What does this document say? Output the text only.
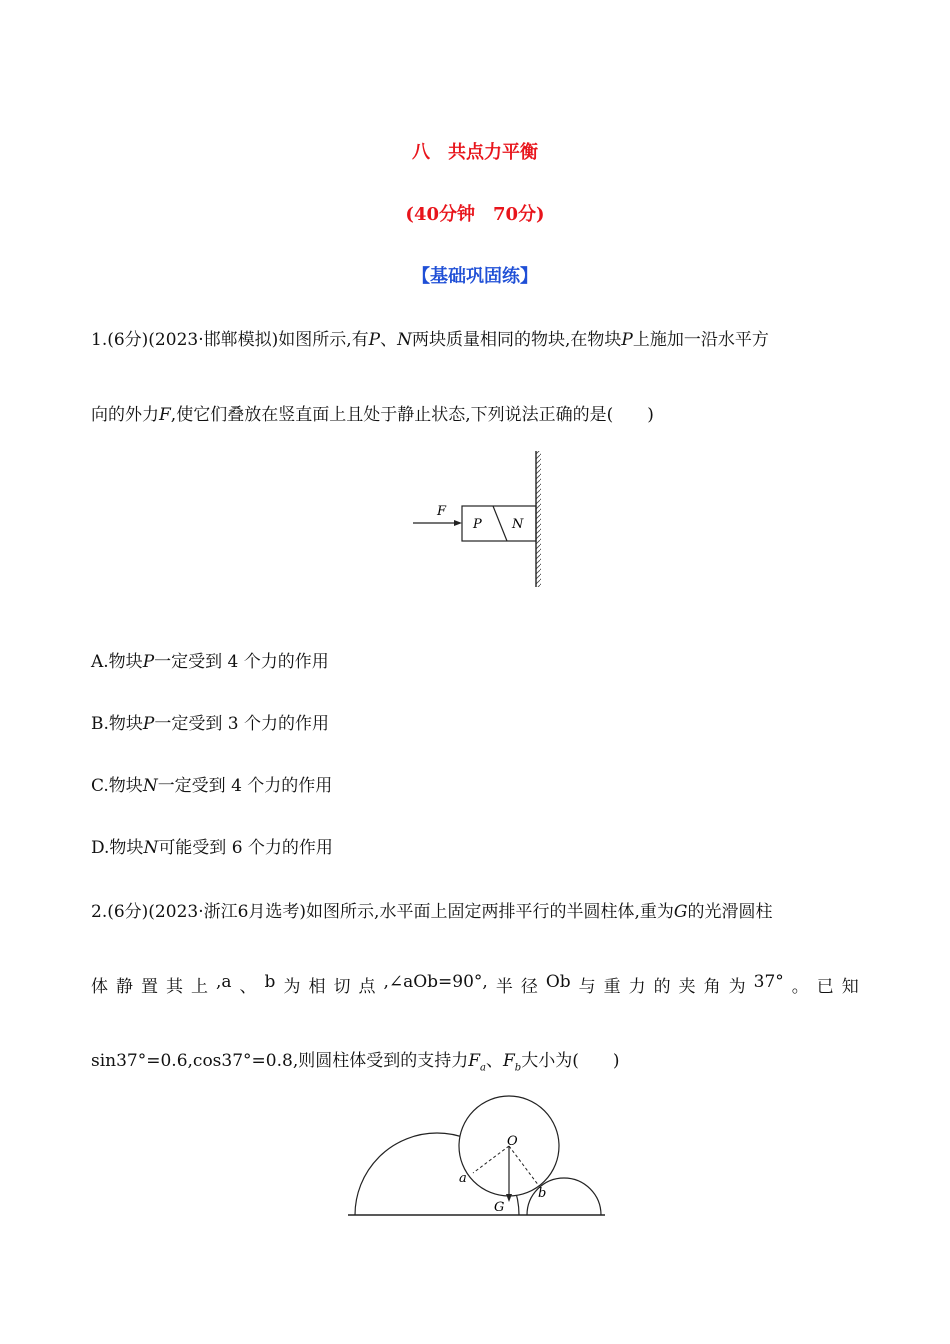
八　共点力平衡
(40分钟　70分)
【基础巩固练】
1.(6分)(2023·邯郸模拟)如图所示,有P、N两块质量相同的物块,在物块P上施加一沿水平方
向的外力F,使它们叠放在竖直面上且处于静止状态,下列说法正确的是(　　)
F
P N
A.物块P一定受到 4 个力的作用
B.物块P一定受到 3 个力的作用
C.物块N一定受到 4 个力的作用
D.物块N可能受到 6 个力的作用
2.(6分)(2023·浙江6月选考)如图所示,水平面上固定两排平行的半圆柱体,重为G的光滑圆柱
体 静 置 其 上 ,a 、 b 为 相 切 点 ,∠aOb=90°, 半 径 Ob 与 重 力 的 夹 角 为 37° 。 已 知
sin37°=0.6,cos37°=0.8,则圆柱体受到的支持力$F_a$、$F_b$大小为(　　)
O
a
b
G
